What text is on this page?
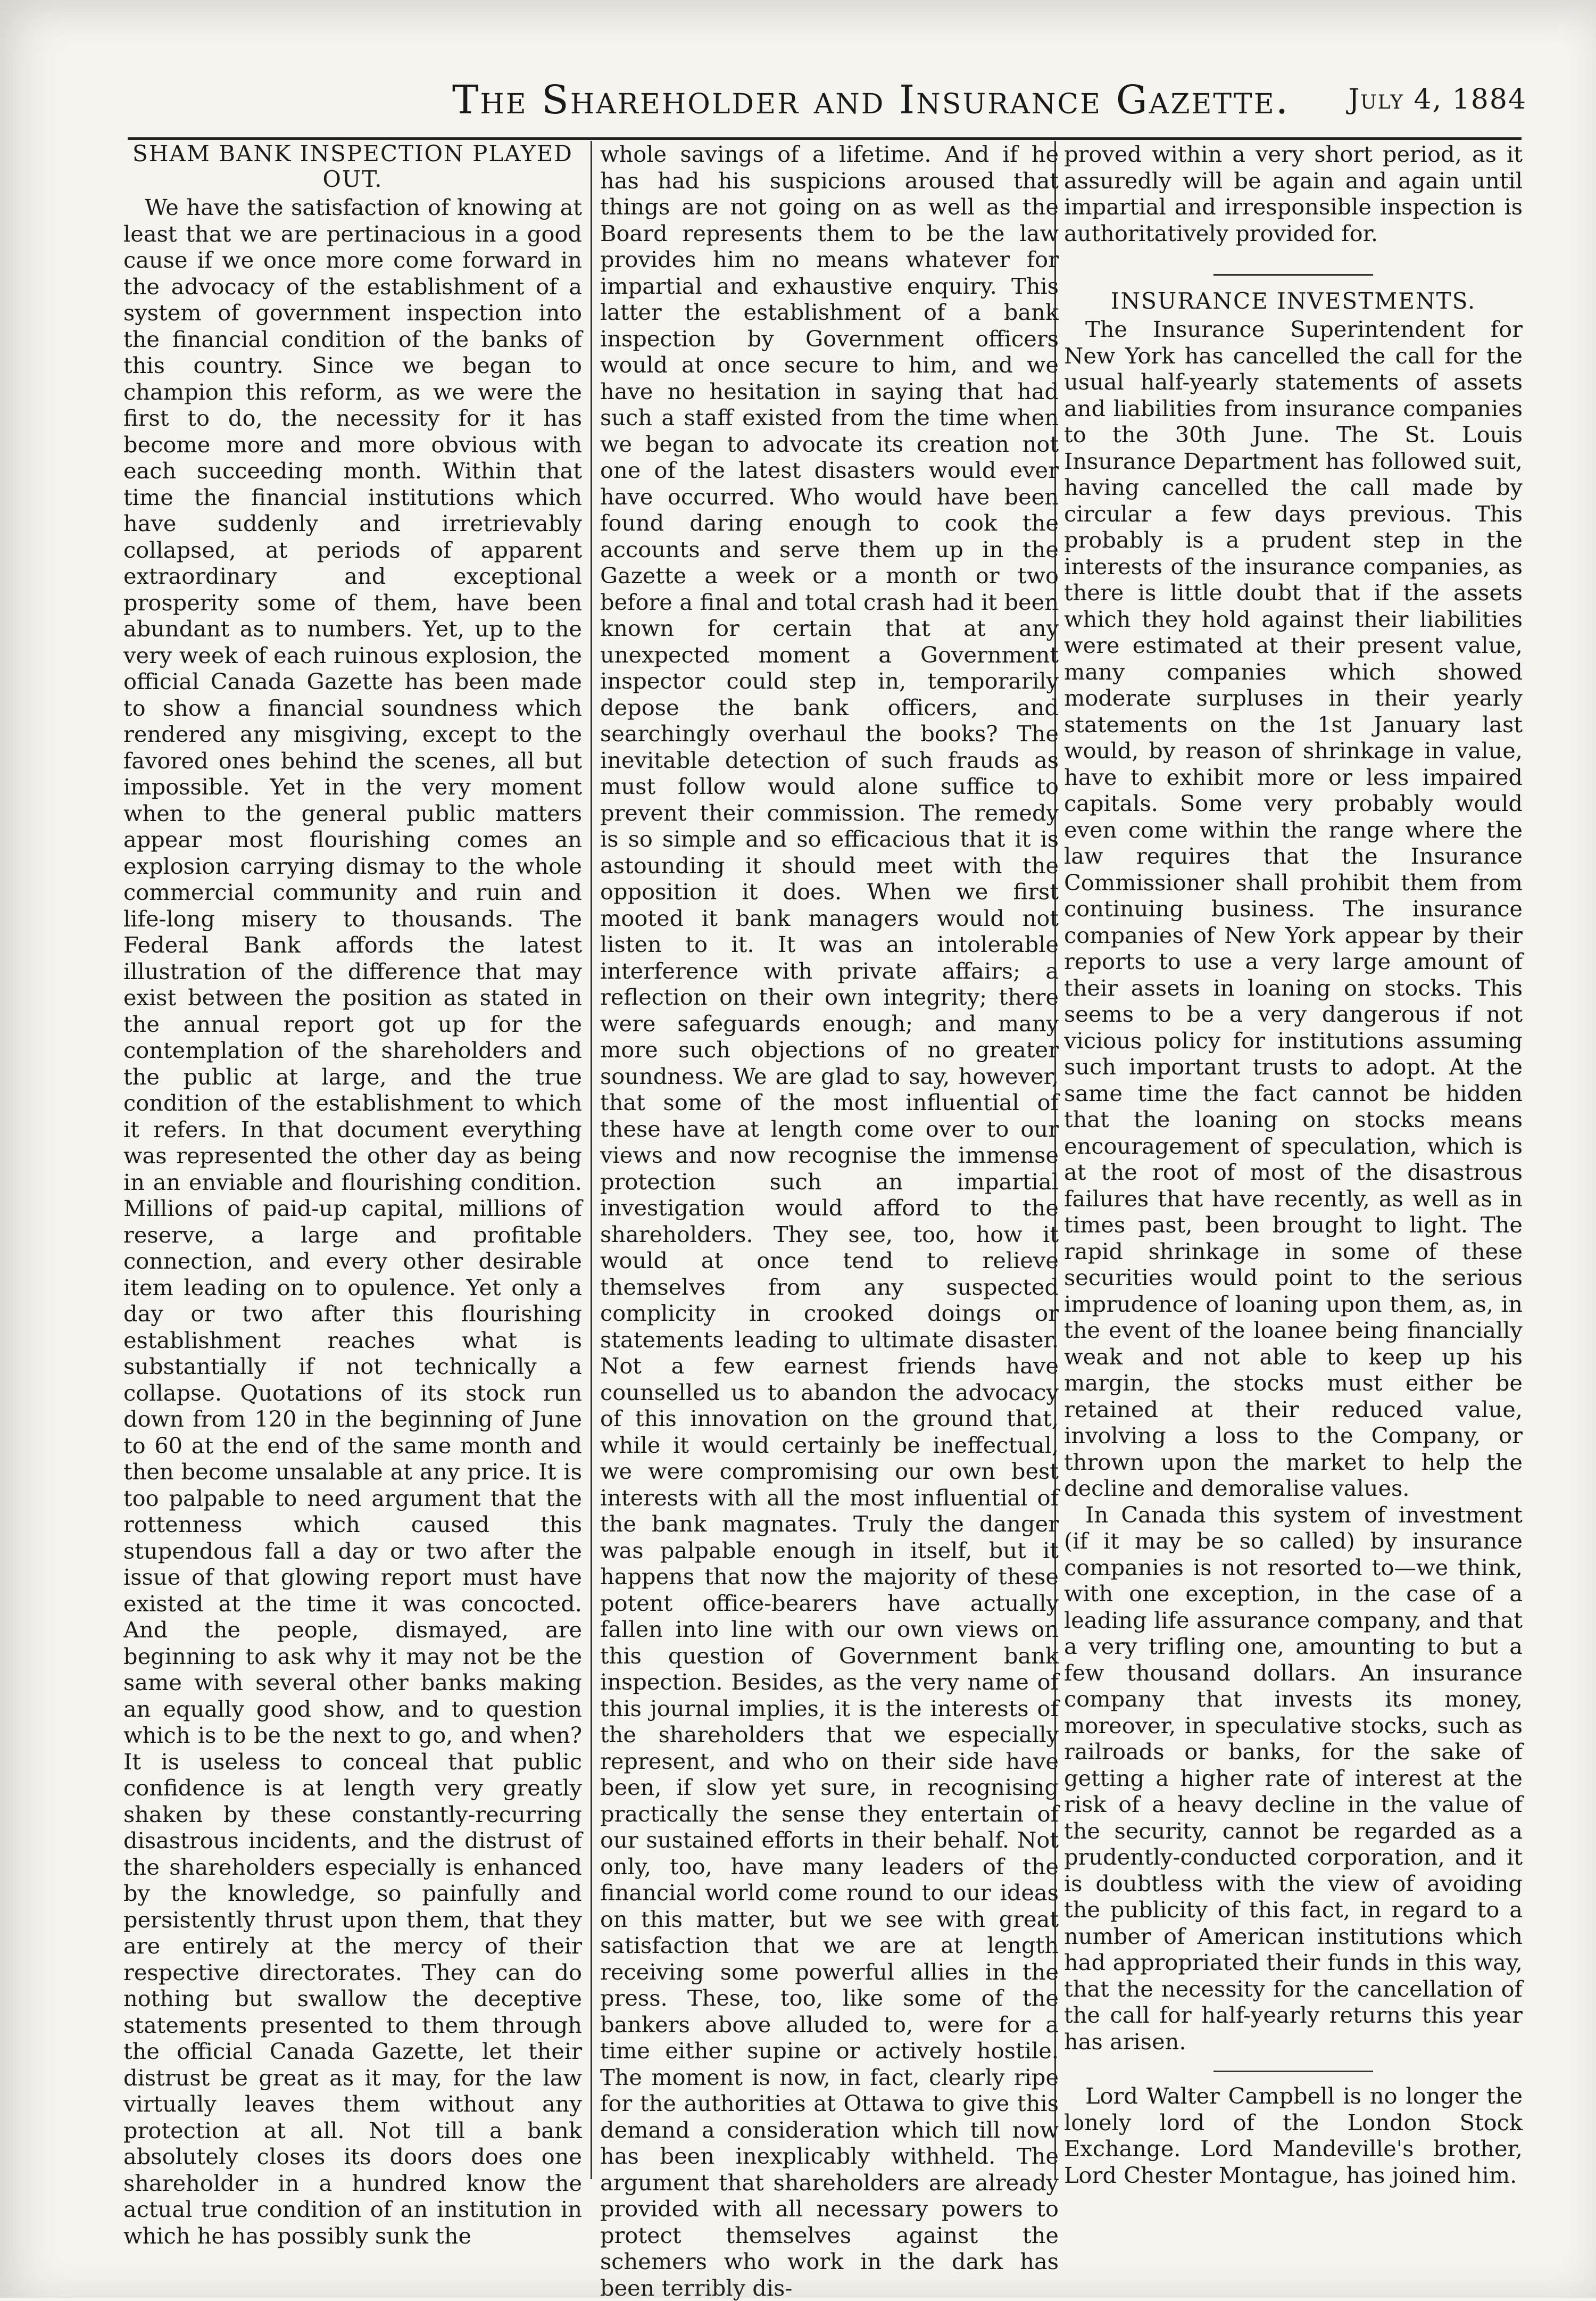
The Shareholder and Insurance Gazette. July 4, 1884
SHAM BANK INSPECTION PLAYED OUT.

We have the satisfaction of knowing at least that we are pertinacious in a good cause if we once more come forward in the advocacy of the establishment of a system of government inspection into the financial condition of the banks of this country. Since we began to champion this reform, as we were the first to do, the necessity for it has become more and more obvious with each succeeding month. Within that time the financial institutions which have suddenly and irretrievably collapsed, at periods of apparent extraordinary and exceptional prosperity some of them, have been abundant as to numbers. Yet, up to the very week of each ruinous explosion, the official Canada Gazette has been made to show a financial soundness which rendered any misgiving, except to the favored ones behind the scenes, all but impossible. Yet in the very moment when to the general public matters appear most flourishing comes an explosion carrying dismay to the whole commercial community and ruin and life-long misery to thousands. The Federal Bank affords the latest illustration of the difference that may exist between the position as stated in the annual report got up for the contemplation of the shareholders and the public at large, and the true condition of the establishment to which it refers. In that document everything was represented the other day as being in an enviable and flourishing condition. Millions of paid-up capital, millions of reserve, a large and profitable connection, and every other desirable item leading on to opulence. Yet only a day or two after this flourishing establishment reaches what is substantially if not technically a collapse. Quotations of its stock run down from 120 in the beginning of June to 60 at the end of the same month and then become unsalable at any price. It is too palpable to need argument that the rottenness which caused this stupendous fall a day or two after the issue of that glowing report must have existed at the time it was concocted. And the people, dismayed, are beginning to ask why it may not be the same with several other banks making an equally good show, and to question which is to be the next to go, and when? It is useless to conceal that public confidence is at length very greatly shaken by these constantly-recurring disastrous incidents, and the distrust of the shareholders especially is enhanced by the knowledge, so painfully and persistently thrust upon them, that they are entirely at the mercy of their respective directorates. They can do nothing but swallow the deceptive statements presented to them through the official Canada Gazette, let their distrust be great as it may, for the law virtually leaves them without any protection at all. Not till a bank absolutely closes its doors does one shareholder in a hundred know the actual true condition of an institution in which he has possibly sunk the

whole savings of a lifetime. And if he has had his suspicions aroused that things are not going on as well as the Board represents them to be the law provides him no means whatever for impartial and exhaustive enquiry. This latter the establishment of a bank inspection by Government officers would at once secure to him, and we have no hesitation in saying that had such a staff existed from the time when we began to advocate its creation not one of the latest disasters would ever have occurred. Who would have been found daring enough to cook the accounts and serve them up in the Gazette a week or a month or two before a final and total crash had it been known for certain that at any unexpected moment a Government inspector could step in, temporarily depose the bank officers, and searchingly overhaul the books? The inevitable detection of such frauds as must follow would alone suffice to prevent their commission. The remedy is so simple and so efficacious that it is astounding it should meet with the opposition it does. When we first mooted it bank managers would not listen to it. It was an intolerable interference with private affairs; a reflection on their own integrity; there were safeguards enough; and many more such objections of no greater soundness. We are glad to say, however, that some of the most influential of these have at length come over to our views and now recognise the immense protection such an impartial investigation would afford to the shareholders. They see, too, how it would at once tend to relieve themselves from any suspected complicity in crooked doings or statements leading to ultimate disaster. Not a few earnest friends have counselled us to abandon the advocacy of this innovation on the ground that, while it would certainly be ineffectual, we were compromising our own best interests with all the most influential of the bank magnates. Truly the danger was palpable enough in itself, but it happens that now the majority of these potent office-bearers have actually fallen into line with our own views on this question of Government bank inspection. Besides, as the very name of this journal implies, it is the interests of the shareholders that we especially represent, and who on their side have been, if slow yet sure, in recognising practically the sense they entertain of our sustained efforts in their behalf. Not only, too, have many leaders of the financial world come round to our ideas on this matter, but we see with great satisfaction that we are at length receiving some powerful allies in the press. These, too, like some of the bankers above alluded to, were for a time either supine or actively hostile. The moment is now, in fact, clearly ripe for the authorities at Ottawa to give this demand a consideration which till now has been inexplicably withheld. The argument that shareholders are already provided with all necessary powers to protect themselves against the schemers who work in the dark has been terribly dis-

proved within a very short period, as it assuredly will be again and again until impartial and irresponsible inspection is authoritatively provided for.

INSURANCE INVESTMENTS.

The Insurance Superintendent for New York has cancelled the call for the usual half-yearly statements of assets and liabilities from insurance companies to the 30th June. The St. Louis Insurance Department has followed suit, having cancelled the call made by circular a few days previous. This probably is a prudent step in the interests of the insurance companies, as there is little doubt that if the assets which they hold against their liabilities were estimated at their present value, many companies which showed moderate surpluses in their yearly statements on the 1st January last would, by reason of shrinkage in value, have to exhibit more or less impaired capitals. Some very probably would even come within the range where the law requires that the Insurance Commissioner shall prohibit them from continuing business. The insurance companies of New York appear by their reports to use a very large amount of their assets in loaning on stocks. This seems to be a very dangerous if not vicious policy for institutions assuming such important trusts to adopt. At the same time the fact cannot be hidden that the loaning on stocks means encouragement of speculation, which is at the root of most of the disastrous failures that have recently, as well as in times past, been brought to light. The rapid shrinkage in some of these securities would point to the serious imprudence of loaning upon them, as, in the event of the loanee being financially weak and not able to keep up his margin, the stocks must either be retained at their reduced value, involving a loss to the Company, or thrown upon the market to help the decline and demoralise values.

In Canada this system of investment (if it may be so called) by insurance companies is not resorted to—we think, with one exception, in the case of a leading life assurance company, and that a very trifling one, amounting to but a few thousand dollars. An insurance company that invests its money, moreover, in speculative stocks, such as railroads or banks, for the sake of getting a higher rate of interest at the risk of a heavy decline in the value of the security, cannot be regarded as a prudently-conducted corporation, and it is doubtless with the view of avoiding the publicity of this fact, in regard to a number of American institutions which had appropriated their funds in this way, that the necessity for the cancellation of the call for half-yearly returns this year has arisen.

Lord Walter Campbell is no longer the lonely lord of the London Stock Exchange. Lord Mandeville's brother, Lord Chester Montague, has joined him.
